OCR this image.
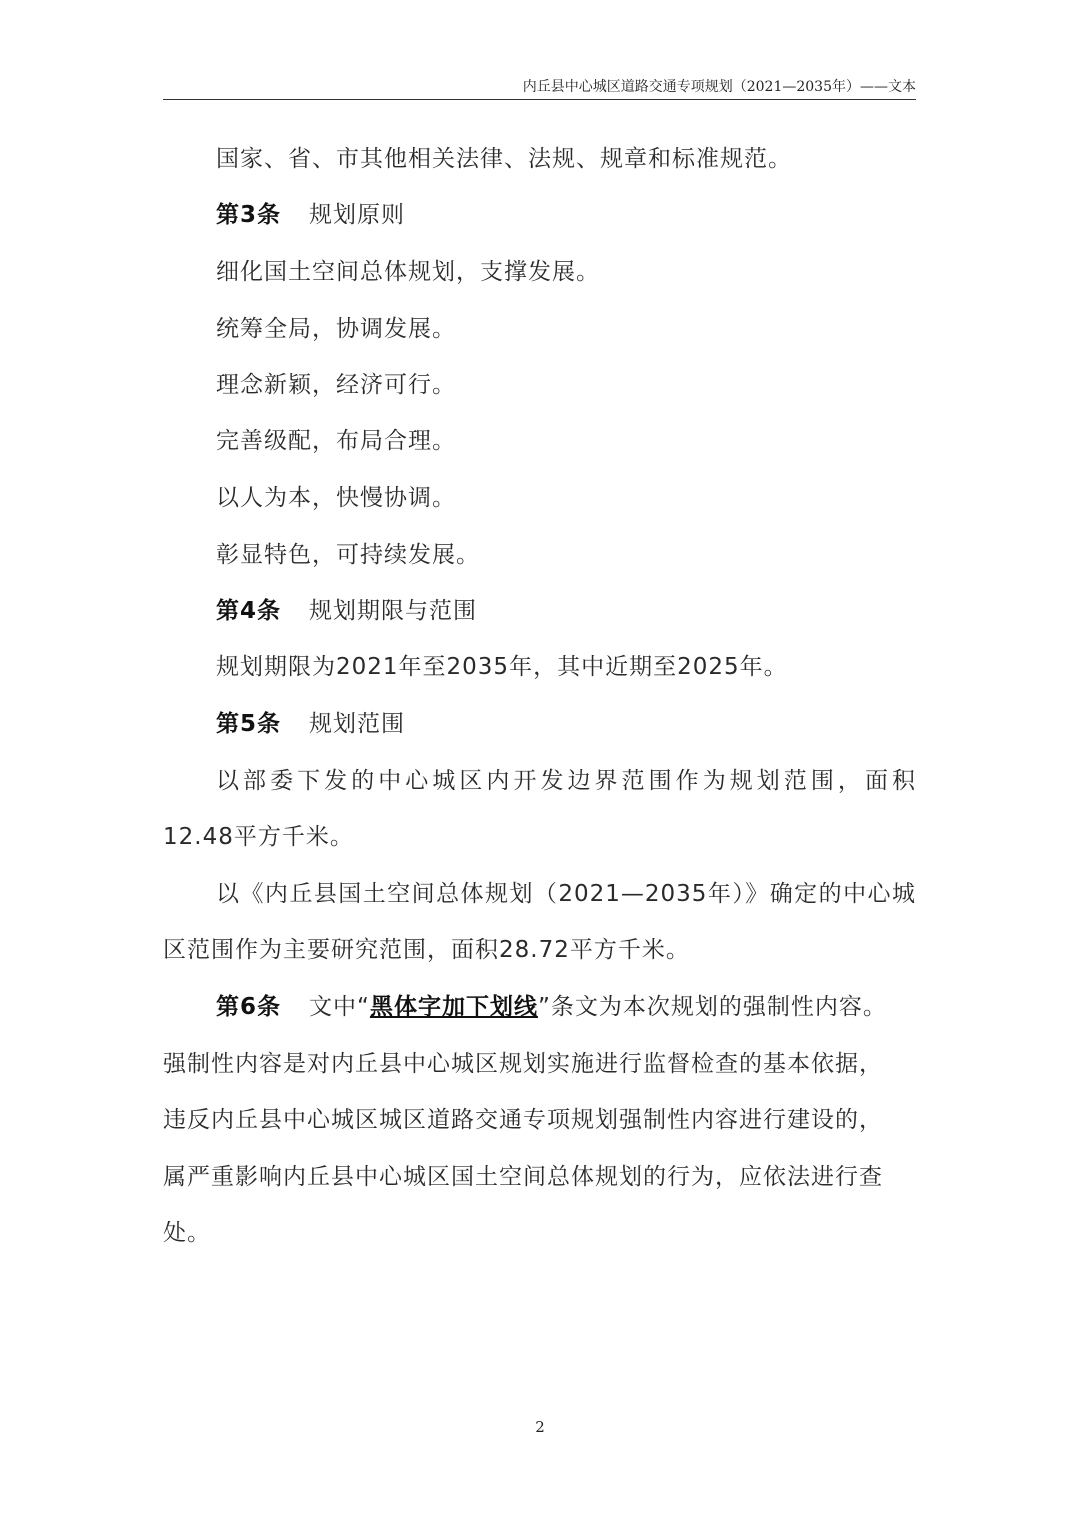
内丘县中心城区道路交通专项规划（2021—2035年）——文本
国家、省、市其他相关法律、法规、规章和标准规范。
第3条 规划原则
细化国土空间总体规划，支撑发展。
统筹全局，协调发展。
理念新颖，经济可行。
完善级配，布局合理。
以人为本，快慢协调。
彰显特色，可持续发展。
第4条 规划期限与范围
规划期限为2021年至2035年，其中近期至2025年。
第5条 规划范围
以部委下发的中心城区内开发边界范围作为规划范围，面积
12.48平方千米。
以《内丘县国土空间总体规划（2021—2035年）》确定的中心城
区范围作为主要研究范围，面积28.72平方千米。
第6条 文中“黑体字加下划线”条文为本次规划的强制性内容。
强制性内容是对内丘县中心城区规划实施进行监督检查的基本依据，
违反内丘县中心城区城区道路交通专项规划强制性内容进行建设的，
属严重影响内丘县中心城区国土空间总体规划的行为，应依法进行查
处。
2
